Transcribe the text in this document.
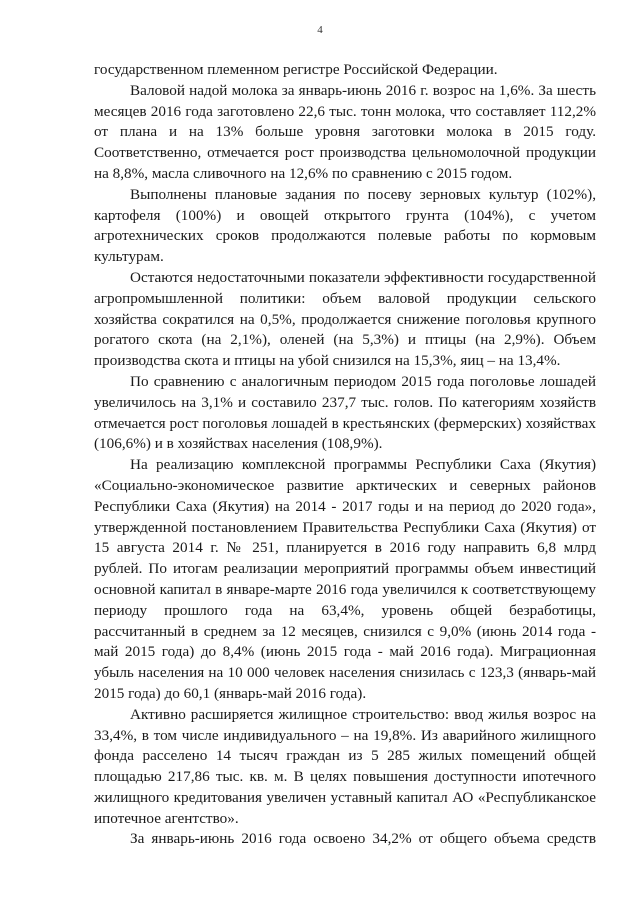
4

государственном племенном регистре Российской Федерации.

Валовой надой молока за январь-июнь 2016 г. возрос на 1,6%. За шесть месяцев 2016 года заготовлено 22,6 тыс. тонн молока, что составляет 112,2% от плана и на 13% больше уровня заготовки молока в 2015 году. Соответственно, отмечается рост производства цельномолочной продукции на 8,8%, масла сливочного на 12,6% по сравнению с 2015 годом.

Выполнены плановые задания по посеву зерновых культур (102%), картофеля (100%) и овощей открытого грунта (104%), с учетом агротехнических сроков продолжаются полевые работы по кормовым культурам.

Остаются недостаточными показатели эффективности государственной агропромышленной политики: объем валовой продукции сельского хозяйства сократился на 0,5%, продолжается снижение поголовья крупного рогатого скота (на 2,1%), оленей (на 5,3%) и птицы (на 2,9%). Объем производства скота и птицы на убой снизился на 15,3%, яиц – на 13,4%.

По сравнению с аналогичным периодом 2015 года поголовье лошадей увеличилось на 3,1% и составило 237,7 тыс. голов. По категориям хозяйств отмечается рост поголовья лошадей в крестьянских (фермерских) хозяйствах (106,6%) и в хозяйствах населения (108,9%).

На реализацию комплексной программы Республики Саха (Якутия) «Социально-экономическое развитие арктических и северных районов Республики Саха (Якутия) на 2014 - 2017 годы и на период до 2020 года», утвержденной постановлением Правительства Республики Саха (Якутия) от 15 августа 2014 г. № 251, планируется в 2016 году направить 6,8 млрд рублей. По итогам реализации мероприятий программы объем инвестиций основной капитал в январе-марте 2016 года увеличился к соответствующему периоду прошлого года на 63,4%, уровень общей безработицы, рассчитанный в среднем за 12 месяцев, снизился с 9,0% (июнь 2014 года - май 2015 года) до 8,4% (июнь 2015 года - май 2016 года). Миграционная убыль населения на 10 000 человек населения снизилась с 123,3 (январь-май 2015 года) до 60,1 (январь-май 2016 года).

Активно расширяется жилищное строительство: ввод жилья возрос на 33,4%, в том числе индивидуального – на 19,8%. Из аварийного жилищного фонда расселено 14 тысяч граждан из 5 285 жилых помещений общей площадью 217,86 тыс. кв. м. В целях повышения доступности ипотечного жилищного кредитования увеличен уставный капитал АО «Республиканское ипотечное агентство».

За январь-июнь 2016 года освоено 34,2% от общего объема средств
